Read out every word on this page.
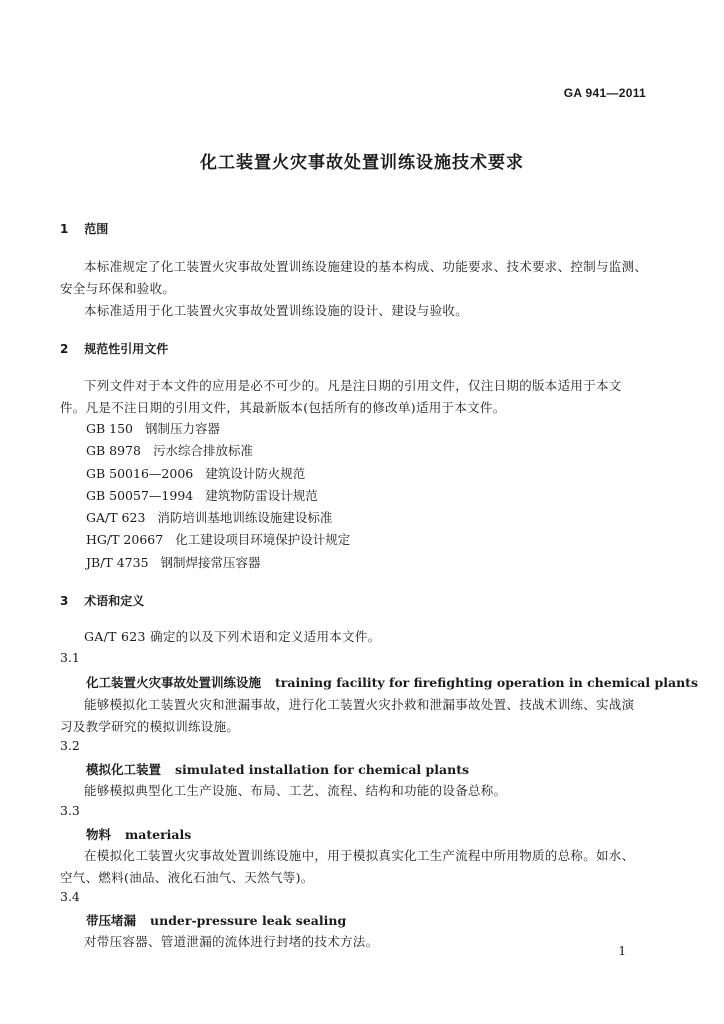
GA 941—2011
化工装置火灾事故处置训练设施技术要求
1 范围
本标准规定了化工装置火灾事故处置训练设施建设的基本构成、功能要求、技术要求、控制与监测、
安全与环保和验收。
本标准适用于化工装置火灾事故处置训练设施的设计、建设与验收。
2 规范性引用文件
下列文件对于本文件的应用是必不可少的。凡是注日期的引用文件，仅注日期的版本适用于本文
件。凡是不注日期的引用文件，其最新版本(包括所有的修改单)适用于本文件。
GB 150 钢制压力容器
GB 8978 污水综合排放标准
GB 50016—2006 建筑设计防火规范
GB 50057—1994 建筑物防雷设计规范
GA/T 623 消防培训基地训练设施建设标准
HG/T 20667 化工建设项目环境保护设计规定
JB/T 4735 钢制焊接常压容器
3 术语和定义
GA/T 623 确定的以及下列术语和定义适用本文件。
3.1
化工装置火灾事故处置训练设施 training facility for firefighting operation in chemical plants
能够模拟化工装置火灾和泄漏事故，进行化工装置火灾扑救和泄漏事故处置、技战术训练、实战演
习及教学研究的模拟训练设施。
3.2
模拟化工装置 simulated installation for chemical plants
能够模拟典型化工生产设施、布局、工艺、流程、结构和功能的设备总称。
3.3
物料 materials
在模拟化工装置火灾事故处置训练设施中，用于模拟真实化工生产流程中所用物质的总称。如水、
空气、燃料(油品、液化石油气、天然气等)。
3.4
带压堵漏 under-pressure leak sealing
对带压容器、管道泄漏的流体进行封堵的技术方法。
1
